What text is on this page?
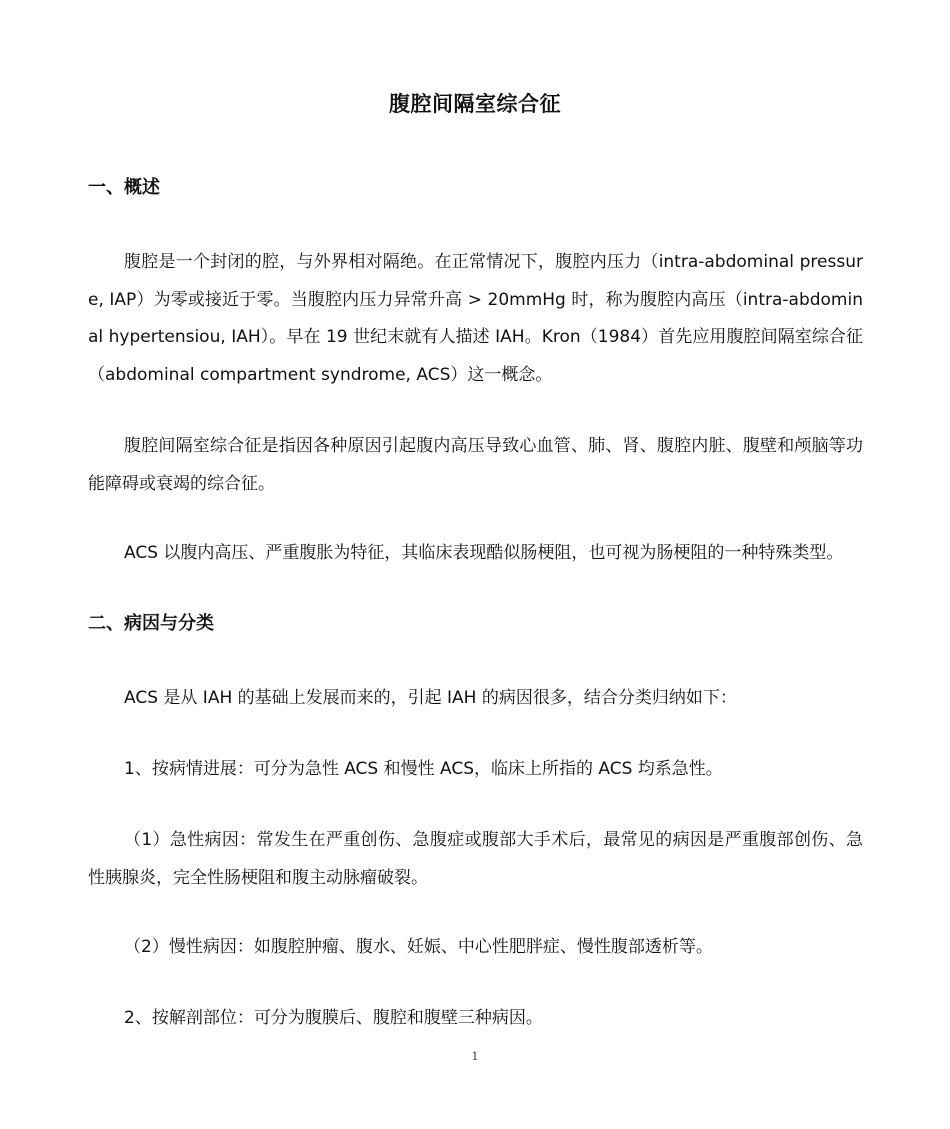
腹腔间隔室综合征
一、概述
腹腔是一个封闭的腔，与外界相对隔绝。在正常情况下，腹腔内压力（intra-abdominal pressure, IAP）为零或接近于零。当腹腔内压力异常升高 > 20mmHg 时，称为腹腔内高压（intra-abdominal hypertensiou, IAH）。早在 19 世纪末就有人描述 IAH。Kron（1984）首先应用腹腔间隔室综合征（abdominal compartment syndrome, ACS）这一概念。
腹腔间隔室综合征是指因各种原因引起腹内高压导致心血管、肺、肾、腹腔内脏、腹壁和颅脑等功能障碍或衰竭的综合征。
ACS 以腹内高压、严重腹胀为特征，其临床表现酷似肠梗阻，也可视为肠梗阻的一种特殊类型。
二、病因与分类
ACS 是从 IAH 的基础上发展而来的，引起 IAH 的病因很多，结合分类归纳如下：
1、按病情进展：可分为急性 ACS 和慢性 ACS，临床上所指的 ACS 均系急性。
（1）急性病因：常发生在严重创伤、急腹症或腹部大手术后，最常见的病因是严重腹部创伤、急性胰腺炎，完全性肠梗阻和腹主动脉瘤破裂。
（2）慢性病因：如腹腔肿瘤、腹水、妊娠、中心性肥胖症、慢性腹部透析等。
2、按解剖部位：可分为腹膜后、腹腔和腹壁三种病因。
1
